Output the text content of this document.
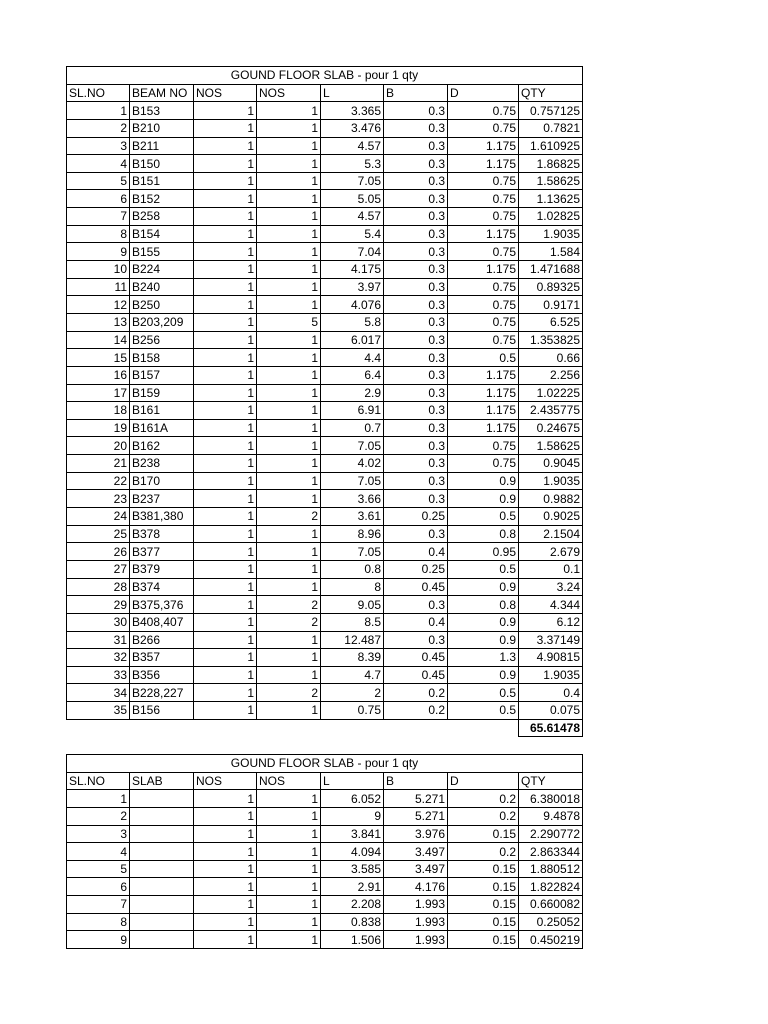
GOUND FLOOR SLAB - pour 1 qty							
SL.NO	BEAM NO	NOS	NOS	L	B	D	QTY
1	B153	1	1	3.365	0.3	0.75	0.757125
2	B210	1	1	3.476	0.3	0.75	0.7821
3	B211	1	1	4.57	0.3	1.175	1.610925
4	B150	1	1	5.3	0.3	1.175	1.86825
5	B151	1	1	7.05	0.3	0.75	1.58625
6	B152	1	1	5.05	0.3	0.75	1.13625
7	B258	1	1	4.57	0.3	0.75	1.02825
8	B154	1	1	5.4	0.3	1.175	1.9035
9	B155	1	1	7.04	0.3	0.75	1.584
10	B224	1	1	4.175	0.3	1.175	1.471688
11	B240	1	1	3.97	0.3	0.75	0.89325
12	B250	1	1	4.076	0.3	0.75	0.9171
13	B203,209	1	5	5.8	0.3	0.75	6.525
14	B256	1	1	6.017	0.3	0.75	1.353825
15	B158	1	1	4.4	0.3	0.5	0.66
16	B157	1	1	6.4	0.3	1.175	2.256
17	B159	1	1	2.9	0.3	1.175	1.02225
18	B161	1	1	6.91	0.3	1.175	2.435775
19	B161A	1	1	0.7	0.3	1.175	0.24675
20	B162	1	1	7.05	0.3	0.75	1.58625
21	B238	1	1	4.02	0.3	0.75	0.9045
22	B170	1	1	7.05	0.3	0.9	1.9035
23	B237	1	1	3.66	0.3	0.9	0.9882
24	B381,380	1	2	3.61	0.25	0.5	0.9025
25	B378	1	1	8.96	0.3	0.8	2.1504
26	B377	1	1	7.05	0.4	0.95	2.679
27	B379	1	1	0.8	0.25	0.5	0.1
28	B374	1	1	8	0.45	0.9	3.24
29	B375,376	1	2	9.05	0.3	0.8	4.344
30	B408,407	1	2	8.5	0.4	0.9	6.12
31	B266	1	1	12.487	0.3	0.9	3.37149
32	B357	1	1	8.39	0.45	1.3	4.90815
33	B356	1	1	4.7	0.45	0.9	1.9035
34	B228,227	1	2	2	0.2	0.5	0.4
35	B156	1	1	0.75	0.2	0.5	0.075
							65.61478
GOUND FLOOR SLAB - pour 1 qty							
SL.NO	SLAB	NOS	NOS	L	B	D	QTY
1		1	1	6.052	5.271	0.2	6.380018
2		1	1	9	5.271	0.2	9.4878
3		1	1	3.841	3.976	0.15	2.290772
4		1	1	4.094	3.497	0.2	2.863344
5		1	1	3.585	3.497	0.15	1.880512
6		1	1	2.91	4.176	0.15	1.822824
7		1	1	2.208	1.993	0.15	0.660082
8		1	1	0.838	1.993	0.15	0.25052
9		1	1	1.506	1.993	0.15	0.450219
